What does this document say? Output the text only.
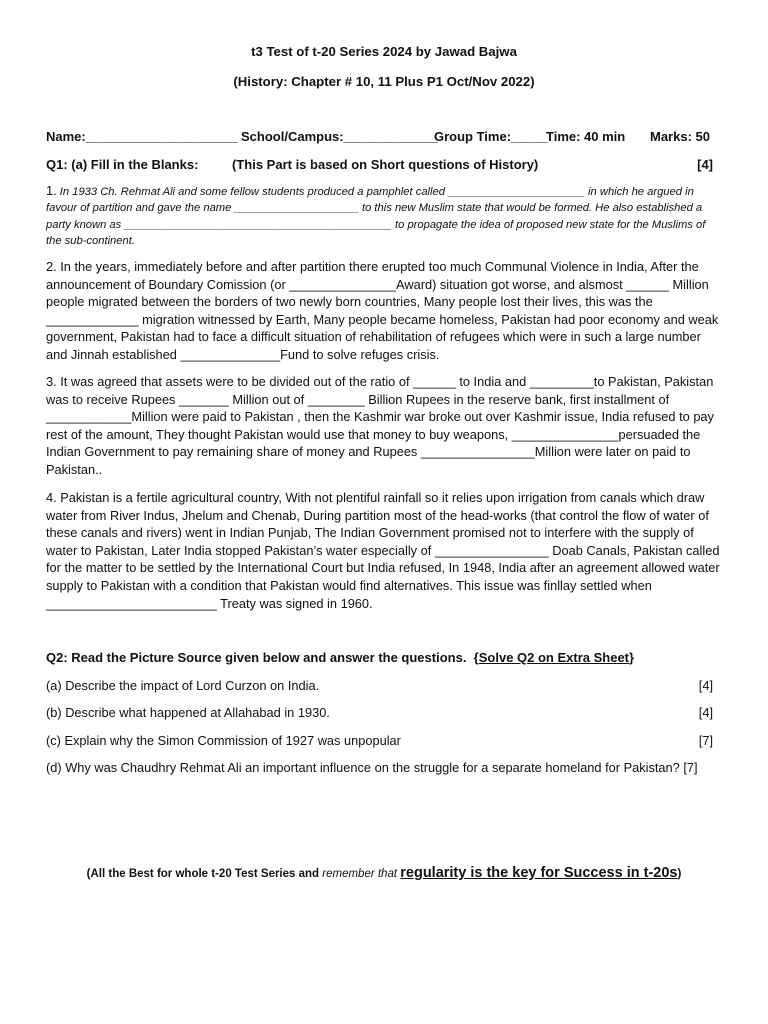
t3 Test of t-20 Series 2024 by Jawad Bajwa
(History: Chapter # 10, 11 Plus P1 Oct/Nov 2022)
Name:_____________________ School/Campus:_____________
Group Time:_____
Time: 40 min Marks: 50
Q1: (a) Fill in the Blanks:	(This Part is based on Short questions of History)	[4]
1. In 1933 Ch. Rehmat Ali and some fellow students produced a pamphlet called ______________________ in which he argued in favour of partition and gave the name ____________________ to this new Muslim state that would be formed. He also established a party known as ___________________________________________ to propagate the idea of proposed new state for the Muslims of the sub-continent.
2. In the years, immediately before and after partition there erupted too much Communal Violence in India, After the announcement of Boundary Comission (or _______________Award) situation got worse, and alsmost ______ Million people migrated between the borders of two newly born countries, Many people lost their lives, this was the _____________ migration witnessed by Earth, Many people became homeless, Pakistan had poor economy and weak government, Pakistan had to face a difficult situation of rehabilitation of refugees which were in such a large number and Jinnah established ______________Fund to solve refuges crisis.
3. It was agreed that assets were to be divided out of the ratio of ______ to India and _________to Pakistan, Pakistan was to receive Rupees _______ Million out of ________ Billion Rupees in the reserve bank, first installment of ____________Million were paid to Pakistan , then the Kashmir war broke out over Kashmir issue, India refused to pay rest of the amount, They thought Pakistan would use that money to buy weapons, _______________persuaded the Indian Government to pay remaining share of money and Rupees ________________Million were later on paid to Pakistan..
4. Pakistan is a fertile agricultural country, With not plentiful rainfall so it relies upon irrigation from canals which draw water from River Indus, Jhelum and Chenab, During partition most of the head-works (that control the flow of water of these canals and rivers) went in Indian Punjab, The Indian Government promised not to interfere with the supply of water to Pakistan, Later India stopped Pakistan’s water especially of ________________ Doab Canals, Pakistan called for the matter to be settled by the International Court but India refused, In 1948, India after an agreement allowed water supply to Pakistan with a condition that Pakistan would find alternatives. This issue was finllay settled when ________________________ Treaty was signed in 1960.
Q2: Read the Picture Source given below and answer the questions. {Solve Q2 on Extra Sheet}
(a) Describe the impact of Lord Curzon on India.	[4]
(b) Describe what happened at Allahabad in 1930.	[4]
(c) Explain why the Simon Commission of 1927 was unpopular	[7]
(d) Why was Chaudhry Rehmat Ali an important influence on the struggle for a separate homeland for Pakistan? [7]
(All the Best for whole t-20 Test Series and remember that regularity is the key for Success in t-20s)
